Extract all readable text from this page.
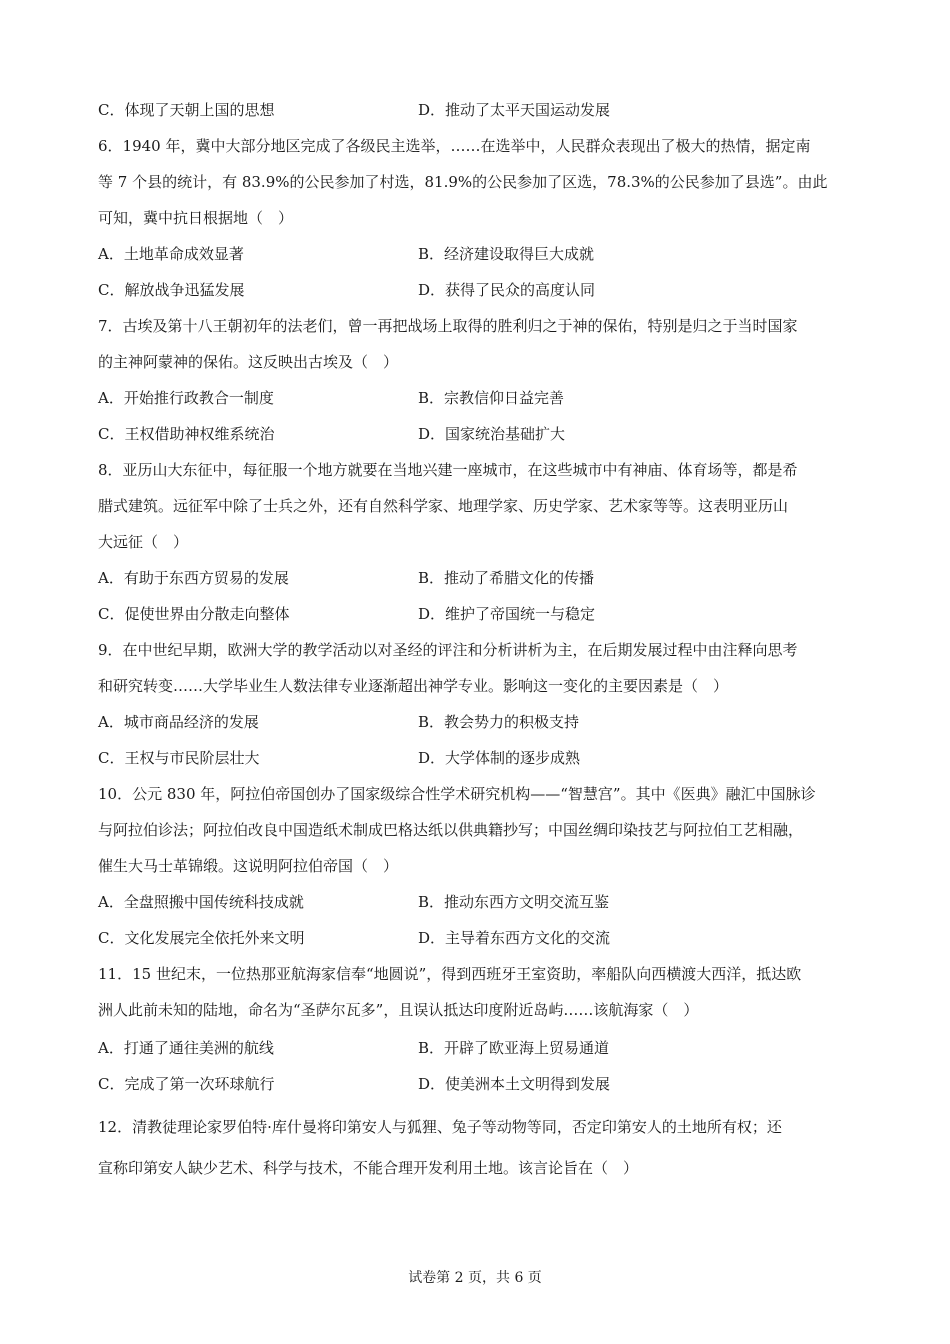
C．体现了天朝上国的思想	D．推动了太平天国运动发展
6．1940 年，冀中大部分地区完成了各级民主选举，……在选举中，人民群众表现出了极大的热情，据定南
等 7 个县的统计，有 83.9%的公民参加了村选，81.9%的公民参加了区选，78.3%的公民参加了县选”。由此
可知，冀中抗日根据地（　）
A．土地革命成效显著	B．经济建设取得巨大成就
C．解放战争迅猛发展	D．获得了民众的高度认同
7．古埃及第十八王朝初年的法老们，曾一再把战场上取得的胜利归之于神的保佑，特别是归之于当时国家
的主神阿蒙神的保佑。这反映出古埃及（　）
A．开始推行政教合一制度	B．宗教信仰日益完善
C．王权借助神权维系统治	D．国家统治基础扩大
8．亚历山大东征中，每征服一个地方就要在当地兴建一座城市，在这些城市中有神庙、体育场等，都是希
腊式建筑。远征军中除了士兵之外，还有自然科学家、地理学家、历史学家、艺术家等等。这表明亚历山
大远征（　）
A．有助于东西方贸易的发展	B．推动了希腊文化的传播
C．促使世界由分散走向整体	D．维护了帝国统一与稳定
9．在中世纪早期，欧洲大学的教学活动以对圣经的评注和分析讲析为主，在后期发展过程中由注释向思考
和研究转变……大学毕业生人数法律专业逐渐超出神学专业。影响这一变化的主要因素是（　）
A．城市商品经济的发展	B．教会势力的积极支持
C．王权与市民阶层壮大	D．大学体制的逐步成熟
10．公元 830 年，阿拉伯帝国创办了国家级综合性学术研究机构——“智慧宫”。其中《医典》融汇中国脉诊
与阿拉伯诊法；阿拉伯改良中国造纸术制成巴格达纸以供典籍抄写；中国丝绸印染技艺与阿拉伯工艺相融，
催生大马士革锦缎。这说明阿拉伯帝国（　）
A．全盘照搬中国传统科技成就	B．推动东西方文明交流互鉴
C．文化发展完全依托外来文明	D．主导着东西方文化的交流
11．15 世纪末，一位热那亚航海家信奉“地圆说”，得到西班牙王室资助，率船队向西横渡大西洋，抵达欧
洲人此前未知的陆地，命名为“圣萨尔瓦多”，且误认抵达印度附近岛屿……该航海家（　）
A．打通了通往美洲的航线	B．开辟了欧亚海上贸易通道
C．完成了第一次环球航行	D．使美洲本土文明得到发展
12．清教徒理论家罗伯特·库什曼将印第安人与狐狸、兔子等动物等同，否定印第安人的土地所有权；还
宣称印第安人缺少艺术、科学与技术，不能合理开发利用土地。该言论旨在（　）
试卷第 2 页，共 6 页
